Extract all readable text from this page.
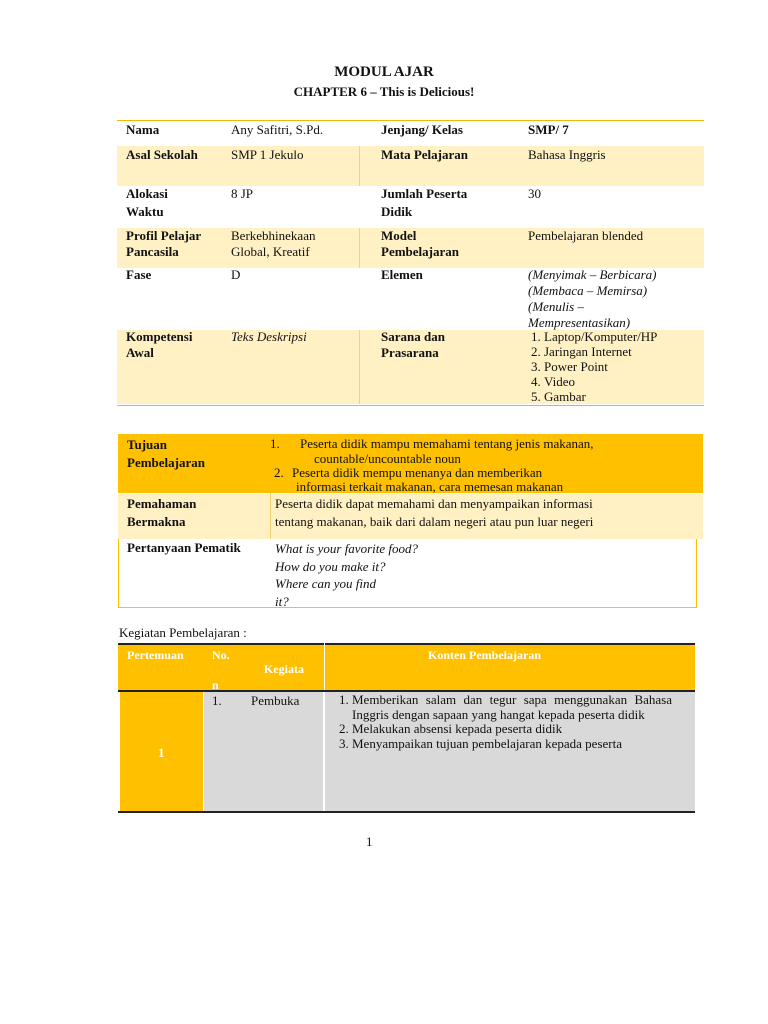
MODUL AJAR
CHAPTER 6 – This is Delicious!
Nama	Any Safitri, S.Pd.	Jenjang/ Kelas	SMP/ 7
Asal Sekolah	SMP 1 Jekulo	Mata Pelajaran	Bahasa Inggris
Alokasi
Waktu
8 JP	Jumlah Peserta
Didik
30
Profil Pelajar
Pancasila
Berkebhinekaan
Global, Kreatif
Model
Pembelajaran
Pembelajaran blended
Fase	D	Elemen	(Menyimak – Berbicara)
(Membaca – Memirsa)
(Menulis –
Mempresentasikan)
Kompetensi
Awal
Teks Deskripsi	Sarana dan
Prasarana
1. Laptop/Komputer/HP
2. Jaringan Internet
3. Power Point
4. Video
5. Gambar
Tujuan
Pembelajaran
1. Peserta didik mampu memahami tentang jenis makanan,
countable/uncountable noun
2. Peserta didik mempu menanya dan memberikan
informasi terkait makanan, cara memesan makanan
Pemahaman
Bermakna
Peserta didik dapat memahami dan menyampaikan informasi
tentang makanan, baik dari dalam negeri atau pun luar negeri
Pertanyaan Pematik	What is your favorite food?
How do you make it?
Where can you find
it?
Kegiatan Pembelajaran :
Pertemuan No.
Kegiata
n
Konten Pembelajaran
1
1. Pembuka
1.	Memberikan salam dan tegur sapa menggunakan Bahasa Inggris dengan sapaan yang hangat kepada peserta didik
2. Melakukan absensi kepada peserta didik
3. Menyampaikan tujuan pembelajaran kepada peserta
1
